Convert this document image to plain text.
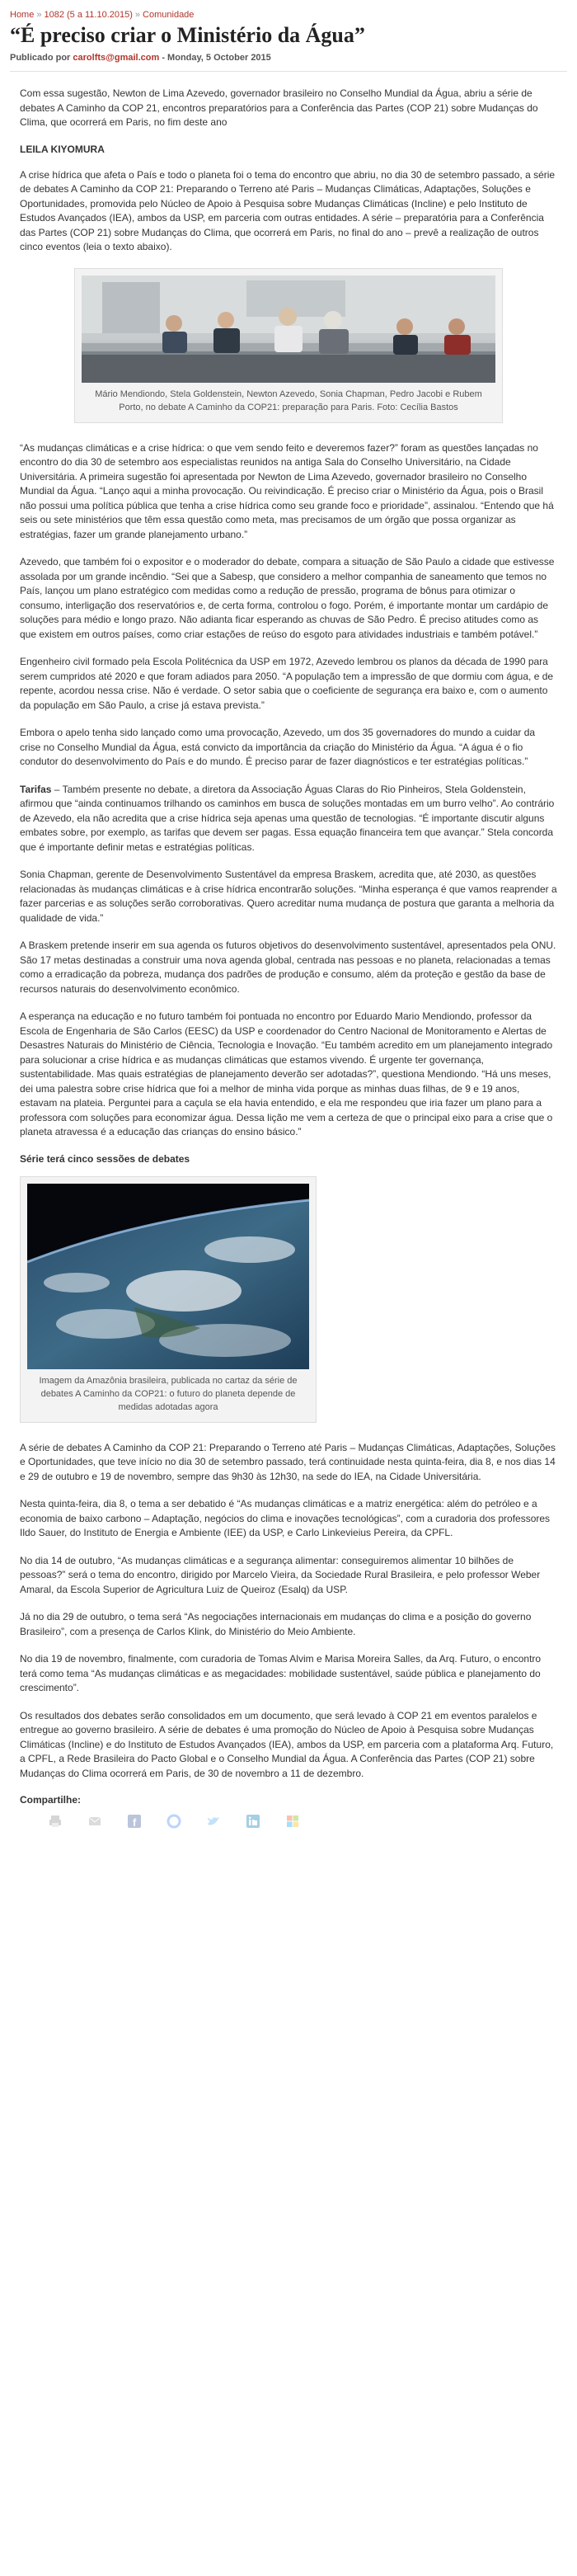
Home » 1082 (5 a 11.10.2015) » Comunidade
“É preciso criar o Ministério da Água”
Publicado por carolfts@gmail.com - Monday, 5 October 2015

Com essa sugestão, Newton de Lima Azevedo, governador brasileiro no Conselho Mundial da Água, abriu a série de debates A Caminho da COP 21, encontros preparatórios para a Conferência das Partes (COP 21) sobre Mudanças do Clima, que ocorrerá em Paris, no fim deste ano

LEILA KIYOMURA

A crise hídrica que afeta o País e todo o planeta foi o tema do encontro que abriu, no dia 30 de setembro passado, a série de debates A Caminho da COP 21: Preparando o Terreno até Paris – Mudanças Climáticas, Adaptações, Soluções e Oportunidades, promovida pelo Núcleo de Apoio à Pesquisa sobre Mudanças Climáticas (Incline) e pelo Instituto de Estudos Avançados (IEA), ambos da USP, em parceria com outras entidades. A série – preparatória para a Conferência das Partes (COP 21) sobre Mudanças do Clima, que ocorrerá em Paris, no final do ano – prevê a realização de outros cinco eventos (leia o texto abaixo).

Mário Mendiondo, Stela Goldenstein, Newton Azevedo, Sonia Chapman, Pedro Jacobi e Rubem Porto, no debate A Caminho da COP21: preparação para Paris. Foto: Cecília Bastos

“As mudanças climáticas e a crise hídrica: o que vem sendo feito e deveremos fazer?” foram as questões lançadas no encontro do dia 30 de setembro aos especialistas reunidos na antiga Sala do Conselho Universitário, na Cidade Universitária. A primeira sugestão foi apresentada por Newton de Lima Azevedo, governador brasileiro no Conselho Mundial da Água. “Lanço aqui a minha provocação. Ou reivindicação. É preciso criar o Ministério da Água, pois o Brasil não possui uma política pública que tenha a crise hídrica como seu grande foco e prioridade”, assinalou. “Entendo que há seis ou sete ministérios que têm essa questão como meta, mas precisamos de um órgão que possa organizar as estratégias, fazer um grande planejamento urbano.”

Azevedo, que também foi o expositor e o moderador do debate, compara a situação de São Paulo a cidade que estivesse assolada por um grande incêndio. “Sei que a Sabesp, que considero a melhor companhia de saneamento que temos no País, lançou um plano estratégico com medidas como a redução de pressão, programa de bônus para otimizar o consumo, interligação dos reservatórios e, de certa forma, controlou o fogo. Porém, é importante montar um cardápio de soluções para médio e longo prazo. Não adianta ficar esperando as chuvas de São Pedro. É preciso atitudes como as que existem em outros países, como criar estações de reúso do esgoto para atividades industriais e também potável.”

Engenheiro civil formado pela Escola Politécnica da USP em 1972, Azevedo lembrou os planos da década de 1990 para serem cumpridos até 2020 e que foram adiados para 2050. “A população tem a impressão de que dormiu com água, e de repente, acordou nessa crise. Não é verdade. O setor sabia que o coeficiente de segurança era baixo e, com o aumento da população em São Paulo, a crise já estava prevista.”

Embora o apelo tenha sido lançado como uma provocação, Azevedo, um dos 35 governadores do mundo a cuidar da crise no Conselho Mundial da Água, está convicto da importância da criação do Ministério da Água. “A água é o fio condutor do desenvolvimento do País e do mundo. É preciso parar de fazer diagnósticos e ter estratégias políticas.”

Tarifas – Também presente no debate, a diretora da Associação Águas Claras do Rio Pinheiros, Stela Goldenstein, afirmou que “ainda continuamos trilhando os caminhos em busca de soluções montadas em um burro velho”. Ao contrário de Azevedo, ela não acredita que a crise hídrica seja apenas uma questão de tecnologias. “É importante discutir alguns embates sobre, por exemplo, as tarifas que devem ser pagas. Essa equação financeira tem que avançar.” Stela concorda que é importante definir metas e estratégias políticas.

Sonia Chapman, gerente de Desenvolvimento Sustentável da empresa Braskem, acredita que, até 2030, as questões relacionadas às mudanças climáticas e à crise hídrica encontrarão soluções. “Minha esperança é que vamos reaprender a fazer parcerias e as soluções serão corroborativas. Quero acreditar numa mudança de postura que garanta a melhoria da qualidade de vida.”

A Braskem pretende inserir em sua agenda os futuros objetivos do desenvolvimento sustentável, apresentados pela ONU. São 17 metas destinadas a construir uma nova agenda global, centrada nas pessoas e no planeta, relacionadas a temas como a erradicação da pobreza, mudança dos padrões de produção e consumo, além da proteção e gestão da base de recursos naturais do desenvolvimento econômico.

A esperança na educação e no futuro também foi pontuada no encontro por Eduardo Mario Mendiondo, professor da Escola de Engenharia de São Carlos (EESC) da USP e coordenador do Centro Nacional de Monitoramento e Alertas de Desastres Naturais do Ministério de Ciência, Tecnologia e Inovação. “Eu também acredito em um planejamento integrado para solucionar a crise hídrica e as mudanças climáticas que estamos vivendo. É urgente ter governança, sustentabilidade. Mas quais estratégias de planejamento deverão ser adotadas?”, questiona Mendiondo. “Há uns meses, dei uma palestra sobre crise hídrica que foi a melhor de minha vida porque as minhas duas filhas, de 9 e 19 anos, estavam na plateia. Perguntei para a caçula se ela havia entendido, e ela me respondeu que iria fazer um plano para a professora com soluções para economizar água. Dessa lição me vem a certeza de que o principal eixo para a crise que o planeta atravessa é a educação das crianças do ensino básico.”

Série terá cinco sessões de debates
Imagem da Amazônia brasileira, publicada no cartaz da série de debates A Caminho da COP21: o futuro do planeta depende de medidas adotadas agora

A série de debates A Caminho da COP 21: Preparando o Terreno até Paris – Mudanças Climáticas, Adaptações, Soluções e Oportunidades, que teve início no dia 30 de setembro passado, terá continuidade nesta quinta-feira, dia 8, e nos dias 14 e 29 de outubro e 19 de novembro, sempre das 9h30 às 12h30, na sede do IEA, na Cidade Universitária.

Nesta quinta-feira, dia 8, o tema a ser debatido é “As mudanças climáticas e a matriz energética: além do petróleo e a economia de baixo carbono – Adaptação, negócios do clima e inovações tecnológicas”, com a curadoria dos professores Ildo Sauer, do Instituto de Energia e Ambiente (IEE) da USP, e Carlo Linkevieius Pereira, da CPFL.

No dia 14 de outubro, “As mudanças climáticas e a segurança alimentar: conseguiremos alimentar 10 bilhões de pessoas?” será o tema do encontro, dirigido por Marcelo Vieira, da Sociedade Rural Brasileira, e pelo professor Weber Amaral, da Escola Superior de Agricultura Luiz de Queiroz (Esalq) da USP.

Já no dia 29 de outubro, o tema será “As negociações internacionais em mudanças do clima e a posição do governo Brasileiro”, com a presença de Carlos Klink, do Ministério do Meio Ambiente.

No dia 19 de novembro, finalmente, com curadoria de Tomas Alvim e Marisa Moreira Salles, da Arq. Futuro, o encontro terá como tema “As mudanças climáticas e as megacidades: mobilidade sustentável, saúde pública e planejamento do crescimento”.

Os resultados dos debates serão consolidados em um documento, que será levado à COP 21 em eventos paralelos e entregue ao governo brasileiro. A série de debates é uma promoção do Núcleo de Apoio à Pesquisa sobre Mudanças Climáticas (Incline) e do Instituto de Estudos Avançados (IEA), ambos da USP, em parceria com a plataforma Arq. Futuro, a CPFL, a Rede Brasileira do Pacto Global e o Conselho Mundial da Água. A Conferência das Partes (COP 21) sobre Mudanças do Clima ocorrerá em Paris, de 30 de novembro a 11 de dezembro.

Compartilhe:
f
